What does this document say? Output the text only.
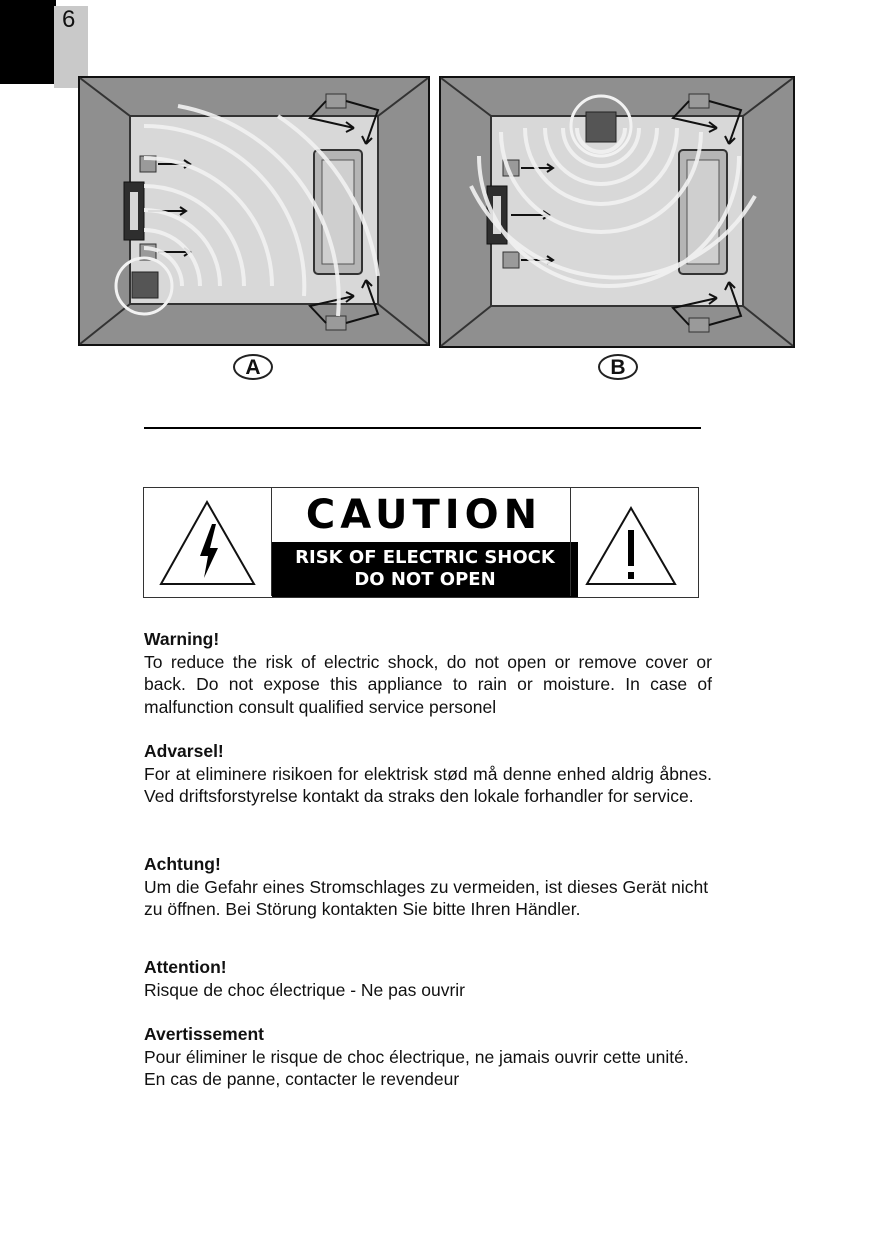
6
A	B
CAUTION
RISK OF ELECTRIC SHOCK
DO NOT OPEN
Warning!
To reduce the risk of electric shock, do not open or remove cover or back. Do not expose this appliance to rain or moisture. In case of malfunction consult qualified service personel
Advarsel!
For at eliminere risikoen for elektrisk stød må denne enhed aldrig åbnes. Ved driftsforstyrelse kontakt da straks den lokale forhandler for service.
Achtung!
Um die Gefahr eines Stromschlages zu vermeiden, ist dieses Gerät nicht zu öffnen. Bei Störung kontakten Sie bitte Ihren Händler.
Attention!
Risque de choc électrique - Ne pas ouvrir
Avertissement
Pour éliminer le risque de choc électrique, ne jamais ouvrir cette unité. En cas de panne, contacter le revendeur
